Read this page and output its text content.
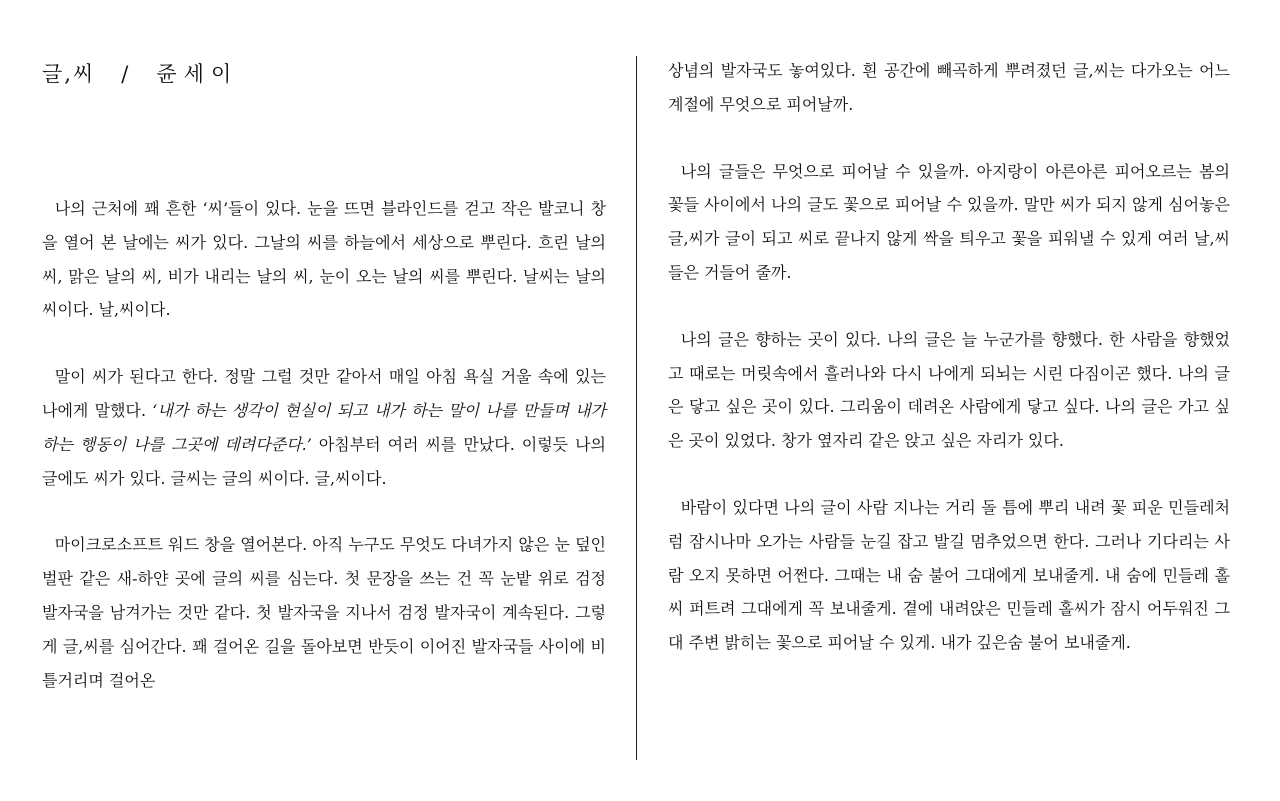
글,씨 / 쥰세이

나의 근처에 꽤 흔한 ‘씨’들이 있다. 눈을 뜨면 블라인드를 걷고 작은 발코니 창을 열어 본 날에는 씨가 있다. 그날의 씨를 하늘에서 세상으로 뿌린다. 흐린 날의 씨, 맑은 날의 씨, 비가 내리는 날의 씨, 눈이 오는 날의 씨를 뿌린다. 날씨는 날의 씨이다. 날,씨이다.

말이 씨가 된다고 한다. 정말 그럴 것만 같아서 매일 아침 욕실 거울 속에 있는 나에게 말했다. ‘내가 하는 생각이 현실이 되고 내가 하는 말이 나를 만들며 내가 하는 행동이 나를 그곳에 데려다준다.’ 아침부터 여러 씨를 만났다. 이렇듯 나의 글에도 씨가 있다. 글씨는 글의 씨이다. 글,씨이다.

마이크로소프트 워드 창을 열어본다. 아직 누구도 무엇도 다녀가지 않은 눈 덮인 벌판 같은 새-하얀 곳에 글의 씨를 심는다. 첫 문장을 쓰는 건 꼭 눈밭 위로 검정 발자국을 남겨가는 것만 같다. 첫 발자국을 지나서 검정 발자국이 계속된다. 그렇게 글,씨를 심어간다. 꽤 걸어온 길을 돌아보면 반듯이 이어진 발자국들 사이에 비틀거리며 걸어온

상념의 발자국도 놓여있다. 흰 공간에 빼곡하게 뿌려졌던 글,씨는 다가오는 어느 계절에 무엇으로 피어날까.

나의 글들은 무엇으로 피어날 수 있을까. 아지랑이 아른아른 피어오르는 봄의 꽃들 사이에서 나의 글도 꽃으로 피어날 수 있을까. 말만 씨가 되지 않게 심어놓은 글,씨가 글이 되고 씨로 끝나지 않게 싹을 틔우고 꽃을 피워낼 수 있게 여러 날,씨들은 거들어 줄까.

나의 글은 향하는 곳이 있다. 나의 글은 늘 누군가를 향했다. 한 사람을 향했었고 때로는 머릿속에서 흘러나와 다시 나에게 되뇌는 시린 다짐이곤 했다. 나의 글은 닿고 싶은 곳이 있다. 그리움이 데려온 사람에게 닿고 싶다. 나의 글은 가고 싶은 곳이 있었다. 창가 옆자리 같은 앉고 싶은 자리가 있다.

바람이 있다면 나의 글이 사람 지나는 거리 돌 틈에 뿌리 내려 꽃 피운 민들레처럼 잠시나마 오가는 사람들 눈길 잡고 발길 멈추었으면 한다. 그러나 기다리는 사람 오지 못하면 어쩐다. 그때는 내 숨 불어 그대에게 보내줄게. 내 숨에 민들레 홀씨 퍼트려 그대에게 꼭 보내줄게. 곁에 내려앉은 민들레 홀씨가 잠시 어두워진 그대 주변 밝히는 꽃으로 피어날 수 있게. 내가 깊은숨 불어 보내줄게.
